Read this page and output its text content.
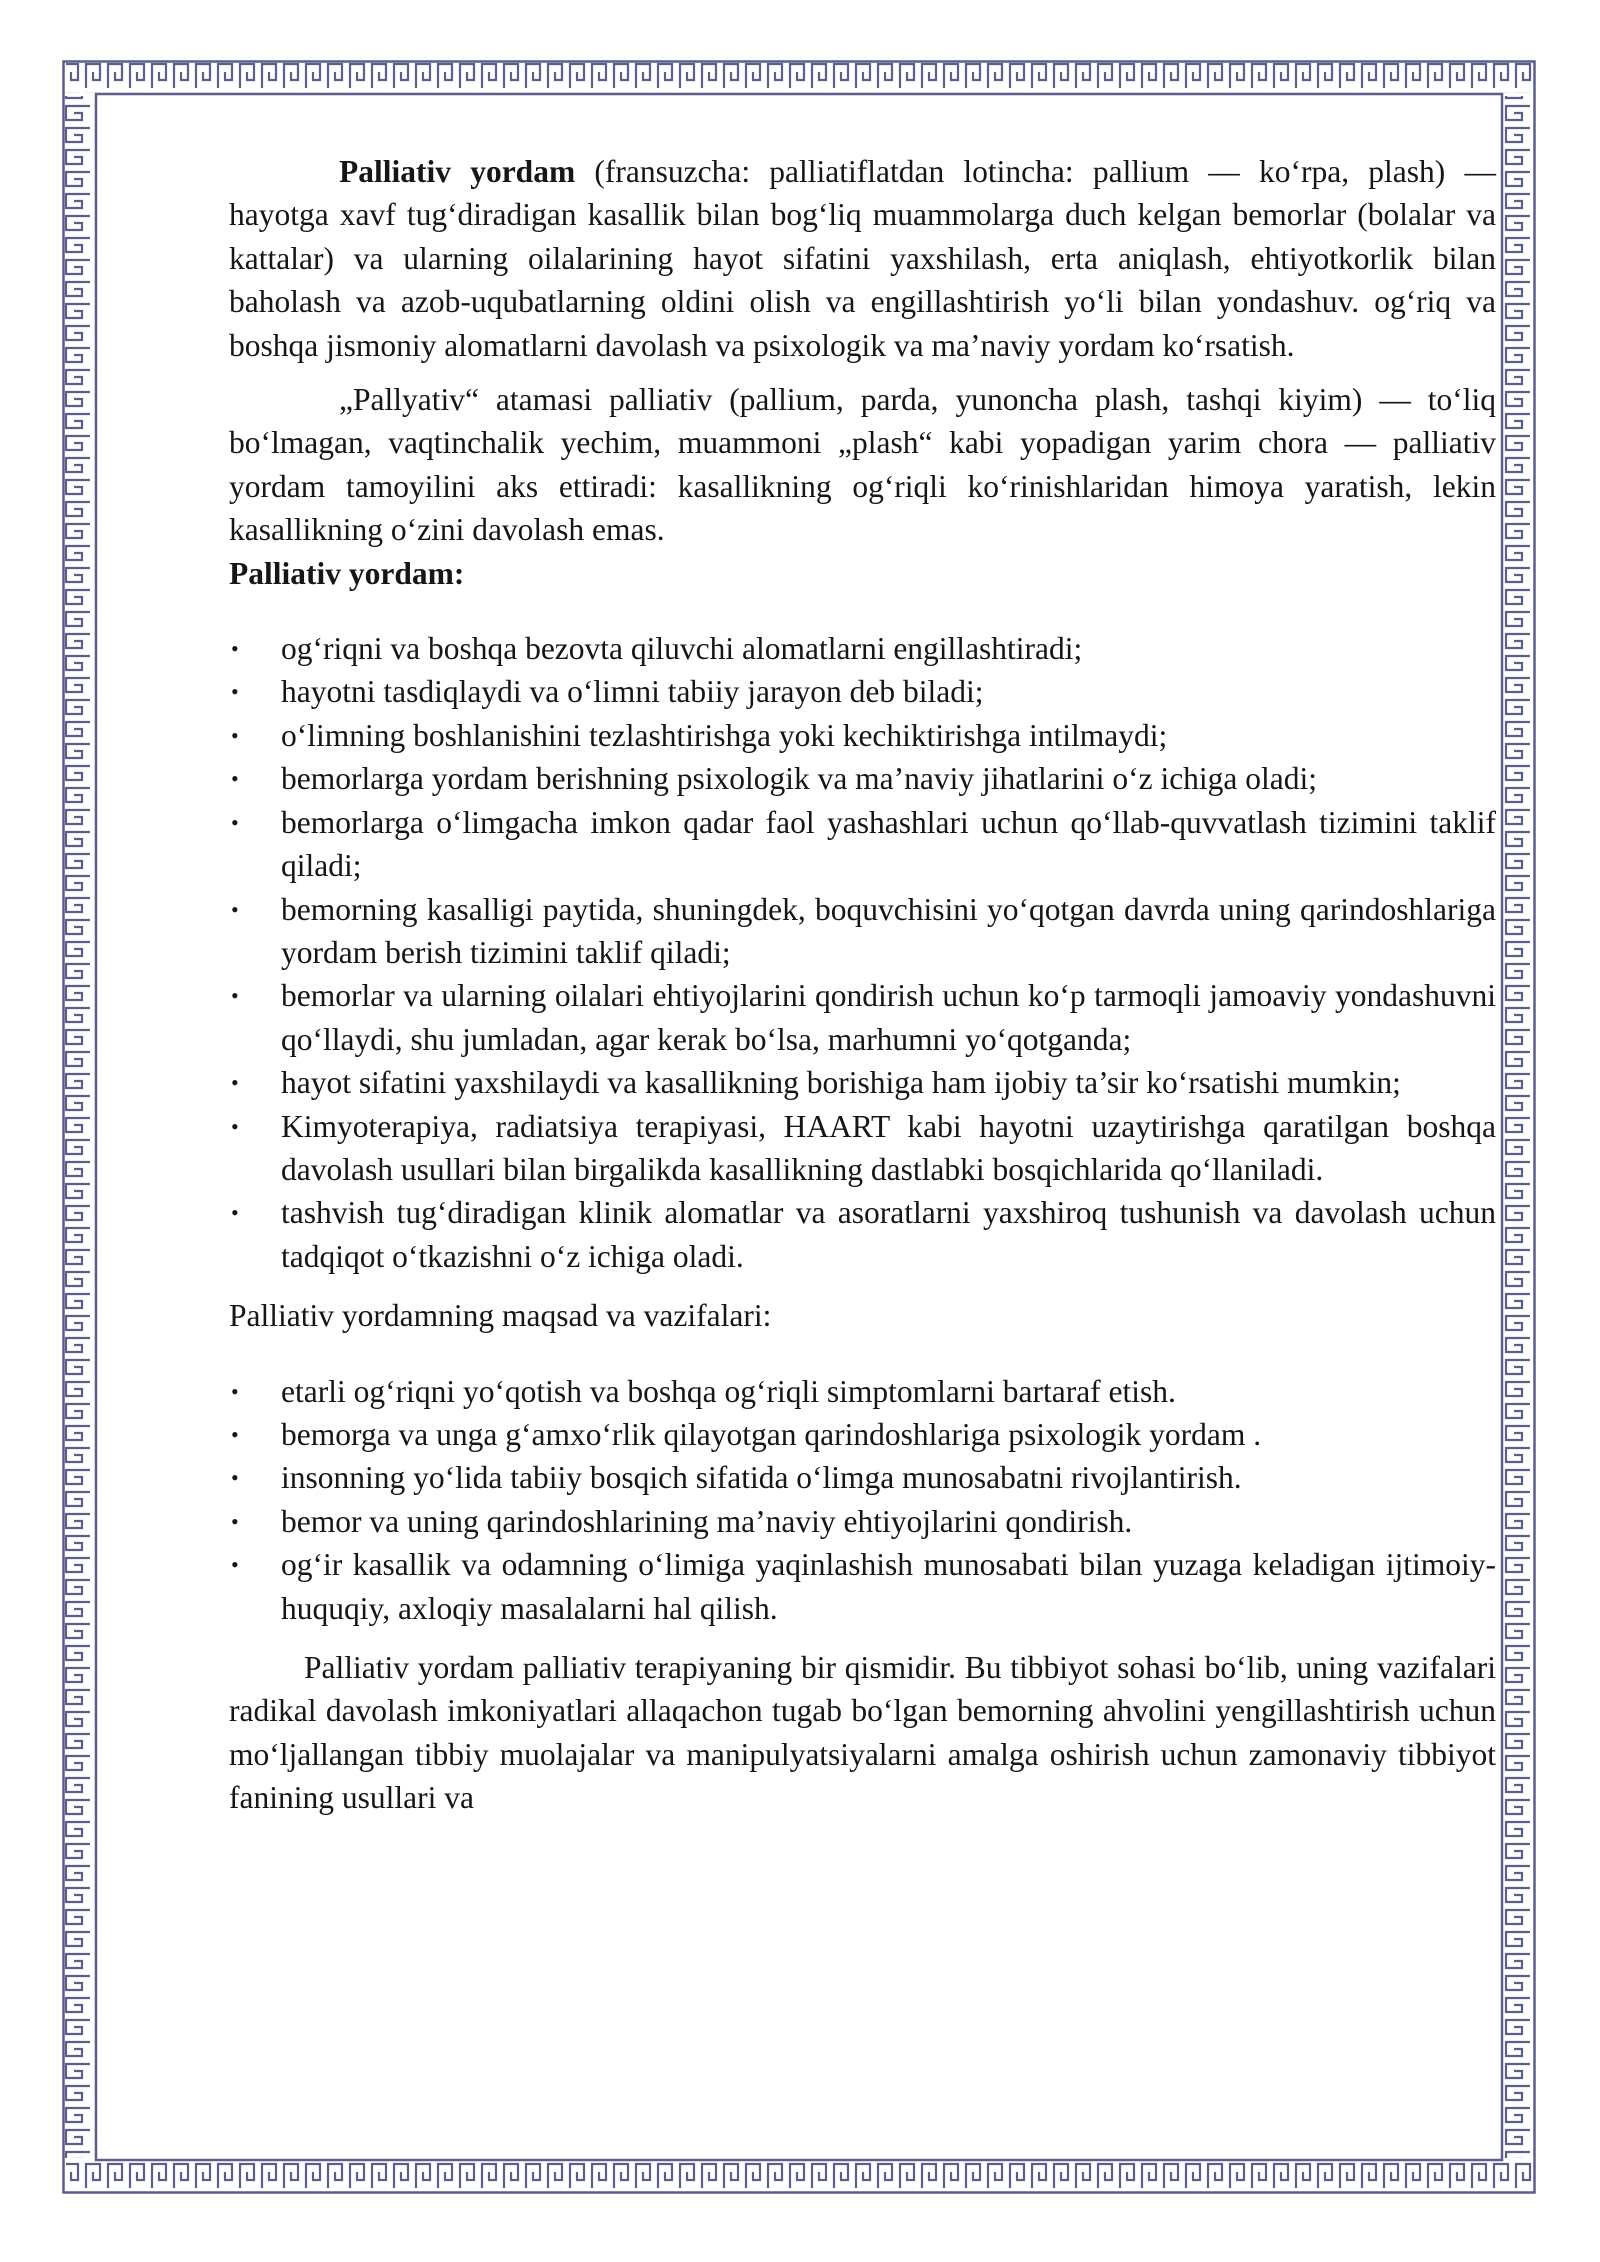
Palliativ yordam (fransuzcha: palliatiflatdan lotincha: pallium — ko‘rpa, plash) — hayotga xavf tug‘diradigan kasallik bilan bog‘liq muammolarga duch kelgan bemorlar (bolalar va kattalar) va ularning oilalarining hayot sifatini yaxshilash, erta aniqlash, ehtiyotkorlik bilan baholash va azob-uqubatlarning oldini olish va engillashtirish yo‘li bilan yondashuv. og‘riq va boshqa jismoniy alomatlarni davolash va psixologik va ma’naviy yordam ko‘rsatish.

„Pallyativ“ atamasi palliativ (pallium, parda, yunoncha plash, tashqi kiyim) — to‘liq bo‘lmagan, vaqtinchalik yechim, muammoni „plash“ kabi yopadigan yarim chora — palliativ yordam tamoyilini aks ettiradi: kasallikning og‘riqli ko‘rinishlaridan himoya yaratish, lekin kasallikning o‘zini davolash emas.

Palliativ yordam:

• og‘riqni va boshqa bezovta qiluvchi alomatlarni engillashtiradi;
• hayotni tasdiqlaydi va o‘limni tabiiy jarayon deb biladi;
• o‘limning boshlanishini tezlashtirishga yoki kechiktirishga intilmaydi;
• bemorlarga yordam berishning psixologik va ma’naviy jihatlarini o‘z ichiga oladi;
• bemorlarga o‘limgacha imkon qadar faol yashashlari uchun qo‘llab-quvvatlash tizimini taklif qiladi;
• bemorning kasalligi paytida, shuningdek, boquvchisini yo‘qotgan davrda uning qarindoshlariga yordam berish tizimini taklif qiladi;
• bemorlar va ularning oilalari ehtiyojlarini qondirish uchun ko‘p tarmoqli jamoaviy yondashuvni qo‘llaydi, shu jumladan, agar kerak bo‘lsa, marhumni yo‘qotganda;
• hayot sifatini yaxshilaydi va kasallikning borishiga ham ijobiy ta’sir ko‘rsatishi mumkin;
• Kimyoterapiya, radiatsiya terapiyasi, HAART kabi hayotni uzaytirishga qaratilgan boshqa davolash usullari bilan birgalikda kasallikning dastlabki bosqichlarida qo‘llaniladi.
• tashvish tug‘diradigan klinik alomatlar va asoratlarni yaxshiroq tushunish va davolash uchun tadqiqot o‘tkazishni o‘z ichiga oladi.

Palliativ yordamning maqsad va vazifalari:

• etarli og‘riqni yo‘qotish va boshqa og‘riqli simptomlarni bartaraf etish.
• bemorga va unga g‘amxo‘rlik qilayotgan qarindoshlariga psixologik yordam .
• insonning yo‘lida tabiiy bosqich sifatida o‘limga munosabatni rivojlantirish.
• bemor va uning qarindoshlarining ma’naviy ehtiyojlarini qondirish.
• og‘ir kasallik va odamning o‘limiga yaqinlashish munosabati bilan yuzaga keladigan ijtimoiy-huquqiy, axloqiy masalalarni hal qilish.

Palliativ yordam palliativ terapiyaning bir qismidir. Bu tibbiyot sohasi bo‘lib, uning vazifalari radikal davolash imkoniyatlari allaqachon tugab bo‘lgan bemorning ahvolini yengillashtirish uchun mo‘ljallangan tibbiy muolajalar va manipulyatsiyalarni amalga oshirish uchun zamonaviy tibbiyot fanining usullari va
